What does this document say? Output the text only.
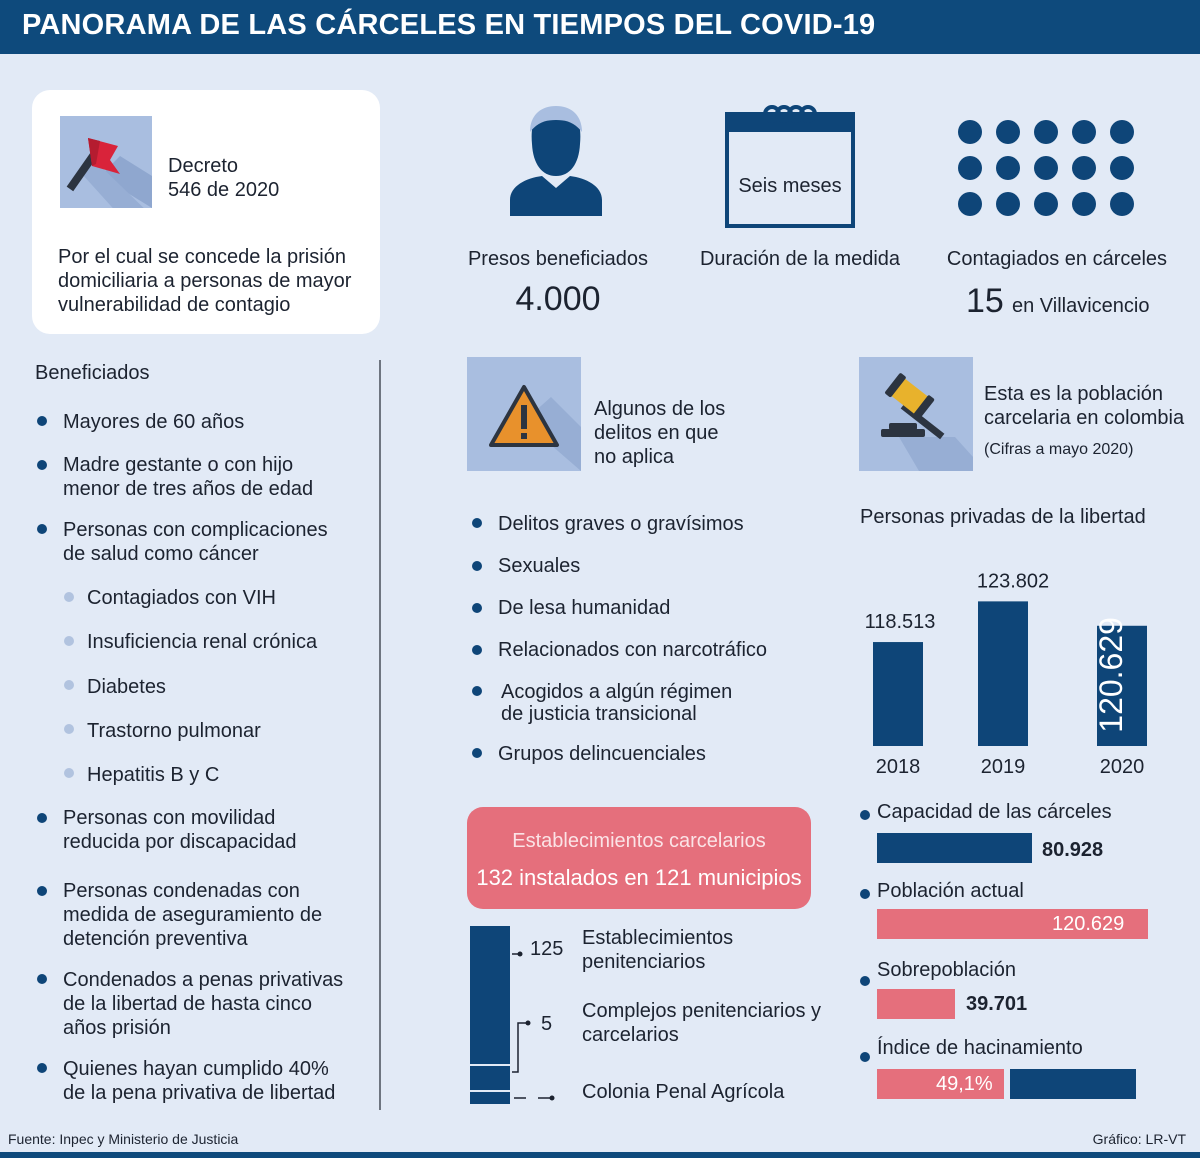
PANORAMA DE LAS CÁRCELES EN TIEMPOS DEL COVID-19
Decreto
546 de 2020
Por el cual se concede la prisión domiciliaria a personas de mayor vulnerabilidad de contagio
Presos beneficiados
4.000
Seis meses
Duración de la medida	Contagiados en cárceles
15 en Villavicencio
Beneficiados
Mayores de 60 años
Madre gestante o con hijo menor de tres años de edad
Personas con complicaciones de salud como cáncer
Contagiados con VIH
Insuficiencia renal crónica
Diabetes
Trastorno pulmonar
Hepatitis B y C
Personas con movilidad reducida por discapacidad
Personas condenadas con medida de aseguramiento de detención preventiva
Condenados a penas privativas de la libertad de hasta cinco años prisión
Quienes hayan cumplido 40% de la pena privativa de libertad
Algunos de los delitos en que no aplica
Delitos graves o gravísimos
Sexuales
De lesa humanidad
Relacionados con narcotráfico
Acogidos a algún régimen de justicia transicional
Grupos delincuenciales
Establecimientos carcelarios
132 instalados en 121 municipios
125 Establecimientos penitenciarios
5
Complejos penitenciarios y carcelarios
Colonia Penal Agrícola
Esta es la población carcelaria en colombia
(Cifras a mayo 2020)
Personas privadas de la libertad
118.513
2018
123.802
2019
120.629
2020
Capacidad de las cárceles
80.928
Población actual
120.629
Sobrepoblación
39.701
Índice de hacinamiento
49,1%
Fuente: Inpec y Ministerio de Justicia	Gráfico: LR-VT
